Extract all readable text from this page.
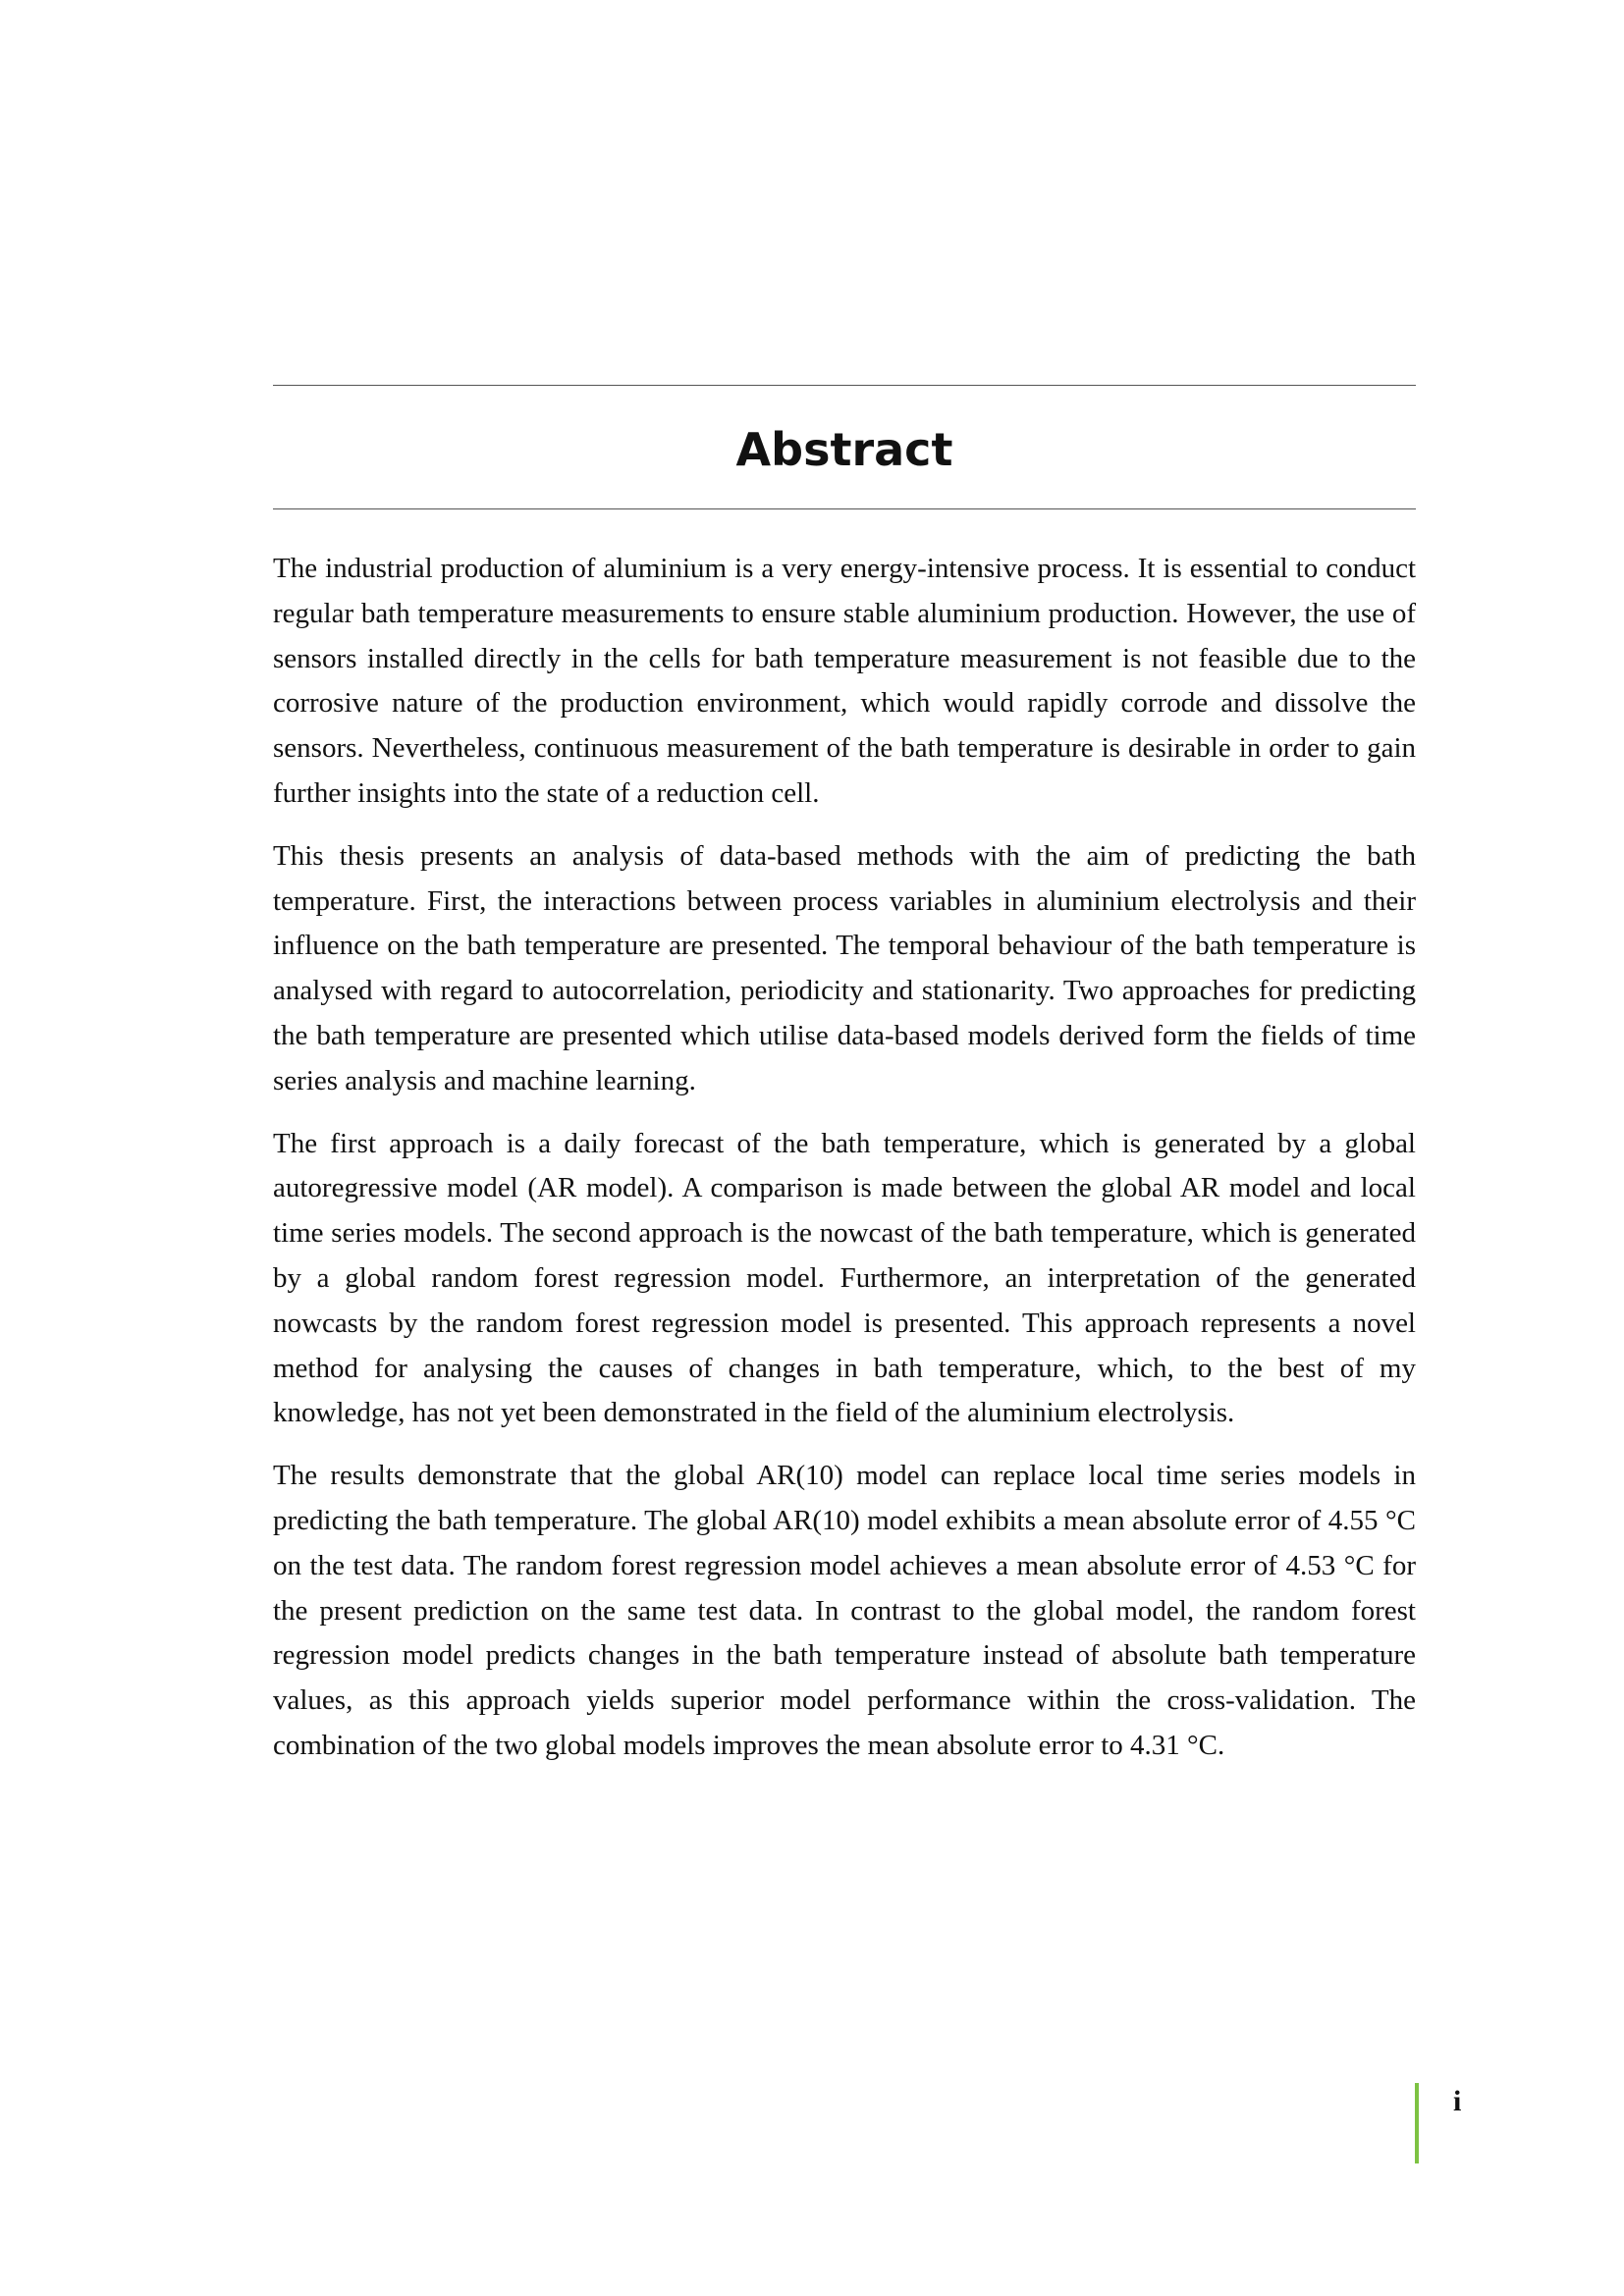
Abstract

The industrial production of aluminium is a very energy-intensive process. It is essential to conduct regular bath temperature measurements to ensure stable aluminium production. However, the use of sensors installed directly in the cells for bath temperature measurement is not feasible due to the corrosive nature of the production environment, which would rapidly corrode and dissolve the sensors. Nevertheless, continuous measurement of the bath temperature is desirable in order to gain further insights into the state of a reduction cell.

This thesis presents an analysis of data-based methods with the aim of predicting the bath temperature. First, the interactions between process variables in aluminium electrolysis and their influence on the bath temperature are presented. The temporal behaviour of the bath temperature is analysed with regard to autocorrelation, periodicity and stationarity. Two approaches for predicting the bath temperature are presented which utilise data-based models derived form the fields of time series analysis and machine learning.

The first approach is a daily forecast of the bath temperature, which is generated by a global autoregressive model (AR model). A comparison is made between the global AR model and local time series models. The second approach is the nowcast of the bath temperature, which is generated by a global random forest regression model. Furthermore, an interpretation of the generated nowcasts by the random forest regression model is presented. This approach represents a novel method for analysing the causes of changes in bath temperature, which, to the best of my knowledge, has not yet been demonstrated in the field of the aluminium electrolysis.

The results demonstrate that the global AR(10) model can replace local time series models in predicting the bath temperature. The global AR(10) model exhibits a mean absolute error of 4.55 °C on the test data. The random forest regression model achieves a mean absolute error of 4.53 °C for the present prediction on the same test data. In contrast to the global model, the random forest regression model predicts changes in the bath temperature instead of absolute bath temperature values, as this approach yields superior model performance within the cross-validation. The combination of the two global models improves the mean absolute error to 4.31 °C.

i
